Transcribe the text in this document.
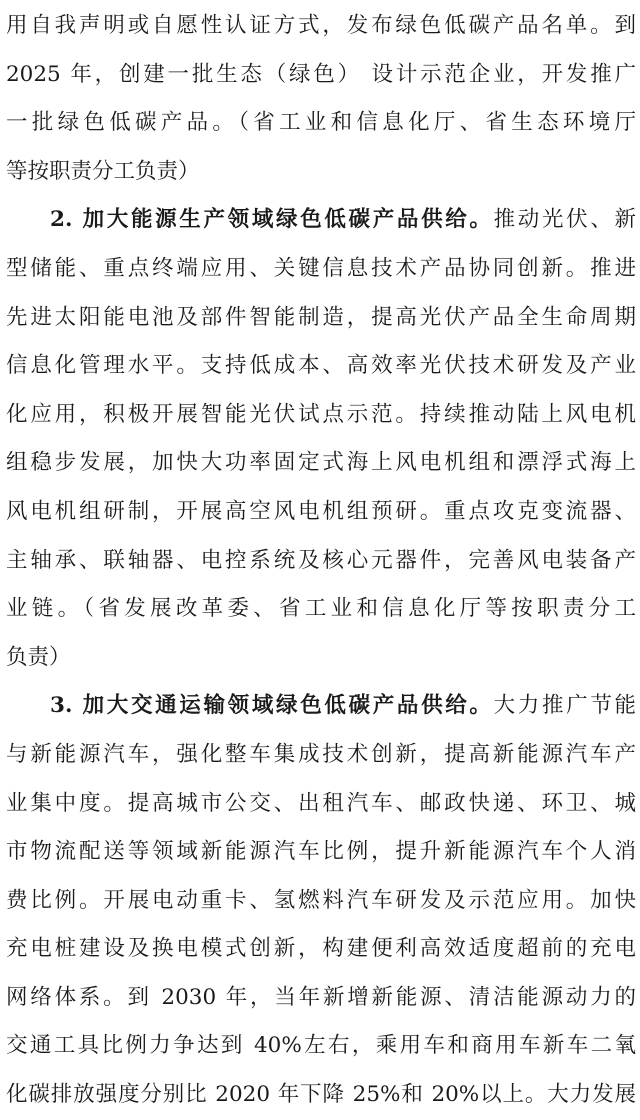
用自我声明或自愿性认证方式，发布绿色低碳产品名单。到
2025 年，创建一批生态（绿色） 设计示范企业，开发推广
一批绿色低碳产品。（省工业和信息化厅、省生态环境厅
等按职责分工负责）
2. 加大能源生产领域绿色低碳产品供给。推动光伏、新
型储能、重点终端应用、关键信息技术产品协同创新。推进
先进太阳能电池及部件智能制造，提高光伏产品全生命周期
信息化管理水平。支持低成本、高效率光伏技术研发及产业
化应用，积极开展智能光伏试点示范。持续推动陆上风电机
组稳步发展，加快大功率固定式海上风电机组和漂浮式海上
风电机组研制，开展高空风电机组预研。重点攻克变流器、
主轴承、联轴器、电控系统及核心元器件，完善风电装备产
业链。（省发展改革委、省工业和信息化厅等按职责分工
负责）
3. 加大交通运输领域绿色低碳产品供给。大力推广节能
与新能源汽车，强化整车集成技术创新，提高新能源汽车产
业集中度。提高城市公交、出租汽车、邮政快递、环卫、城
市物流配送等领域新能源汽车比例，提升新能源汽车个人消
费比例。开展电动重卡、氢燃料汽车研发及示范应用。加快
充电桩建设及换电模式创新，构建便利高效适度超前的充电
网络体系。到 2030 年，当年新增新能源、清洁能源动力的
交通工具比例力争达到 40%左右，乘用车和商用车新车二氧
化碳排放强度分别比 2020 年下降 25%和 20%以上。大力发展
